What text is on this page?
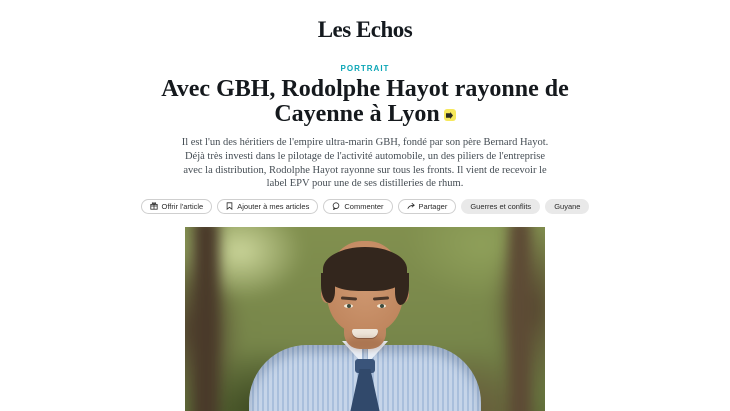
Les Echos
PORTRAIT
Avec GBH, Rodolphe Hayot rayonne de Cayenne à Lyon

Il est l'un des héritiers de l'empire ultra-marin GBH, fondé par son père Bernard Hayot. Déjà très investi dans le pilotage de l'activité automobile, un des piliers de l'entreprise avec la distribution, Rodolphe Hayot rayonne sur tous les fronts. Il vient de recevoir le label EPV pour une de ses distilleries de rhum.

Offrir l'article	Ajouter à mes articles	Commenter	Partager	Guerres et conflits	Guyane
